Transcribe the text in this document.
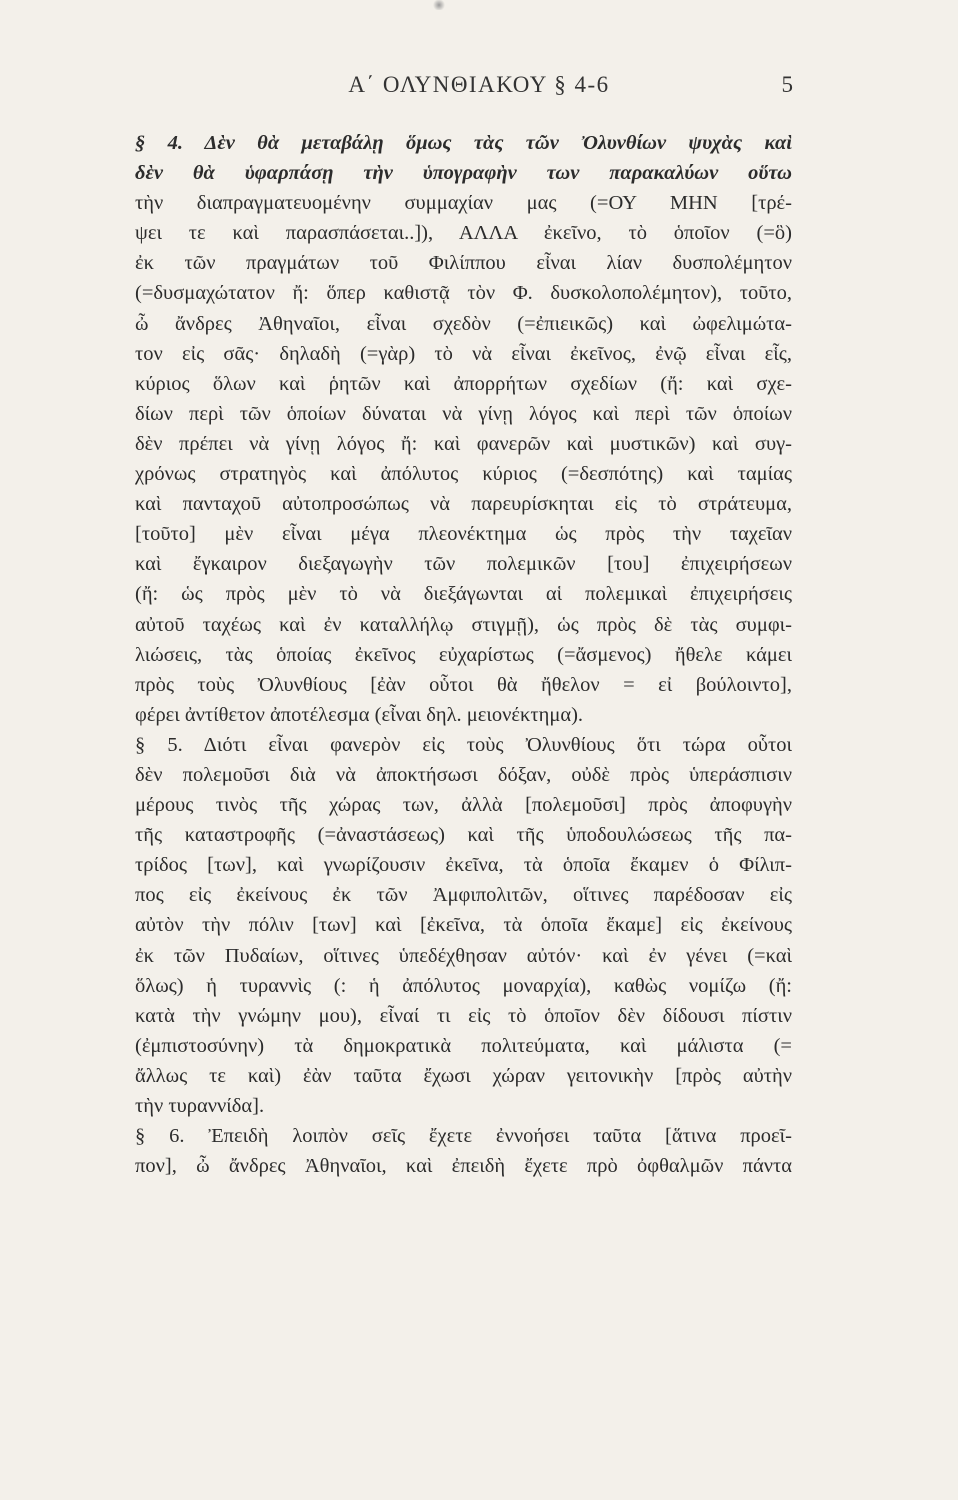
Α΄ ΟΛΥΝΘΙΑΚΟΥ § 4-6	5
§ 4. Δὲν θὰ μεταβάλῃ ὅμως τὰς τῶν Ὀλυνθίων ψυχὰς καὶ
δὲν θὰ ὑφαρπάσῃ τὴν ὑπογραφὴν των παρακαλύων οὕτω
τὴν διαπραγματευομένην συμμαχίαν μας (=ΟΥ ΜΗΝ [τρέ-
ψει τε καὶ παρασπάσεται..]), ΑΛΛΑ ἐκεῖνο, τὸ ὁποῖον (=ὃ)
ἐκ τῶν πραγμάτων τοῦ Φιλίππου εἶναι λίαν δυσπολέμητον
(=δυσμαχώτατον ἤ: ὅπερ καθιστᾷ τὸν Φ. δυσκολοπολέμητον), τοῦτο,
ὦ ἄνδρες Ἀθηναῖοι, εἶναι σχεδὸν (=ἐπιεικῶς) καὶ ὠφελιμώτα-
τον εἰς σᾶς· δηλαδὴ (=γὰρ) τὸ νὰ εἶναι ἐκεῖνος, ἐνῷ εἶναι εἷς,
κύριος ὅλων καὶ ῥητῶν καὶ ἀπορρήτων σχεδίων (ἤ: καὶ σχε-
δίων περὶ τῶν ὁποίων δύναται νὰ γίνῃ λόγος καὶ περὶ τῶν ὁποίων
δὲν πρέπει νὰ γίνῃ λόγος ἤ: καὶ φανερῶν καὶ μυστικῶν) καὶ συγ-
χρόνως στρατηγὸς καὶ ἀπόλυτος κύριος (=δεσπότης) καὶ ταμίας
καὶ πανταχοῦ αὐτοπροσώπως νὰ παρευρίσκηται εἰς τὸ στράτευμα,
[τοῦτο] μὲν εἶναι μέγα πλεονέκτημα ὡς πρὸς τὴν ταχεῖαν
καὶ ἔγκαιρον διεξαγωγὴν τῶν πολεμικῶν [του] ἐπιχειρήσεων
(ἤ: ὡς πρὸς μὲν τὸ νὰ διεξάγωνται αἱ πολεμικαὶ ἐπιχειρήσεις
αὐτοῦ ταχέως καὶ ἐν καταλλήλῳ στιγμῇ), ὡς πρὸς δὲ τὰς συμφι-
λιώσεις, τὰς ὁποίας ἐκεῖνος εὐχαρίστως (=ἄσμενος) ἤθελε κάμει
πρὸς τοὺς Ὀλυνθίους [ἐὰν οὗτοι θὰ ἤθελον = εἰ βούλοιντο],
φέρει ἀντίθετον ἀποτέλεσμα (εἶναι δηλ. μειονέκτημα).
§ 5. Διότι εἶναι φανερὸν εἰς τοὺς Ὀλυνθίους ὅτι τώρα οὗτοι
δὲν πολεμοῦσι διὰ νὰ ἀποκτήσωσι δόξαν, οὐδὲ πρὸς ὑπεράσπισιν
μέρους τινὸς τῆς χώρας των, ἀλλὰ [πολεμοῦσι] πρὸς ἀποφυγὴν
τῆς καταστροφῆς (=ἀναστάσεως) καὶ τῆς ὑποδουλώσεως τῆς πα-
τρίδος [των], καὶ γνωρίζουσιν ἐκεῖνα, τὰ ὁποῖα ἔκαμεν ὁ Φίλιπ-
πος εἰς ἐκείνους ἐκ τῶν Ἀμφιπολιτῶν, οἵτινες παρέδοσαν εἰς
αὐτὸν τὴν πόλιν [των] καὶ [ἐκεῖνα, τὰ ὁποῖα ἔκαμε] εἰς ἐκείνους
ἐκ τῶν Πυδαίων, οἵτινες ὑπεδέχθησαν αὐτόν· καὶ ἐν γένει (=καὶ
ὅλως) ἡ τυραννὶς (: ἡ ἀπόλυτος μοναρχία), καθὼς νομίζω (ἤ:
κατὰ τὴν γνώμην μου), εἶναί τι εἰς τὸ ὁποῖον δὲν δίδουσι πίστιν
(ἐμπιστοσύνην) τὰ δημοκρατικὰ πολιτεύματα, καὶ μάλιστα (=
ἄλλως τε καὶ) ἐὰν ταῦτα ἔχωσι χώραν γειτονικὴν [πρὸς αὐτὴν
τὴν τυραννίδα].
§ 6. Ἐπειδὴ λοιπὸν σεῖς ἔχετε ἐννοήσει ταῦτα [ἅτινα προεῖ-
πον], ὦ ἄνδρες Ἀθηναῖοι, καὶ ἐπειδὴ ἔχετε πρὸ ὀφθαλμῶν πάντα
